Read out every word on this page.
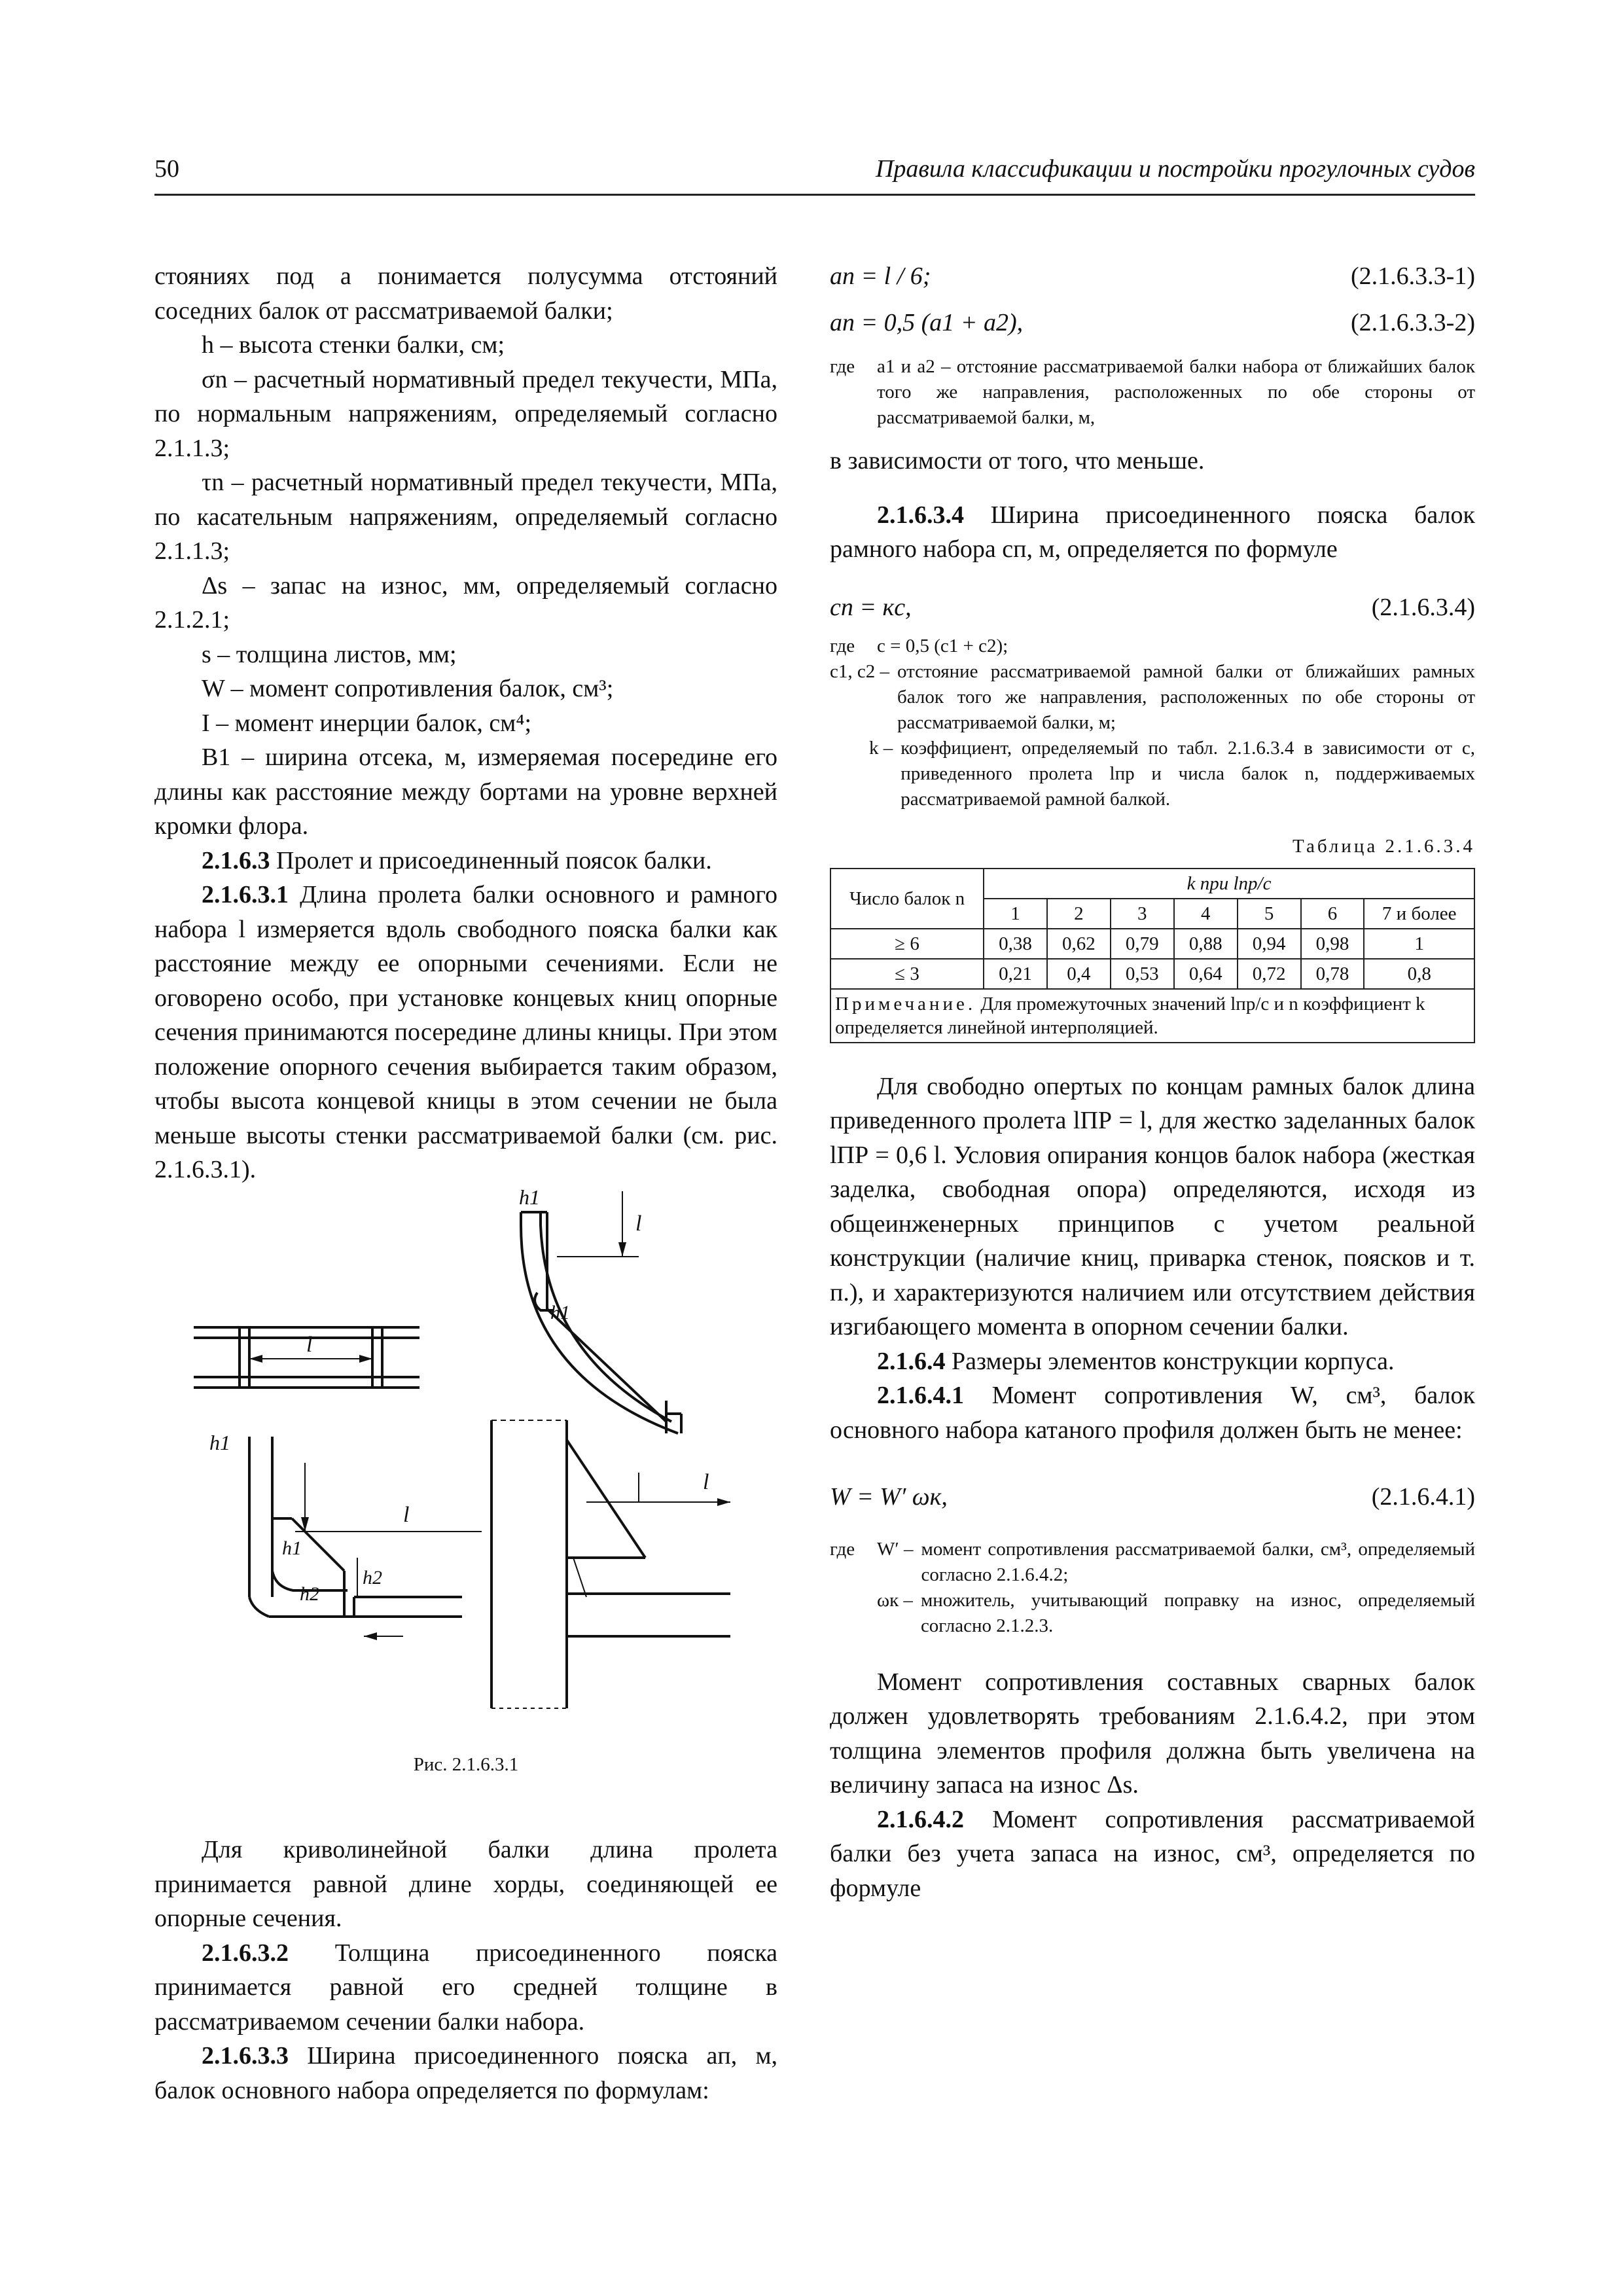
50	Правила классификации и постройки прогулочных судов

стояниях под a понимается полусумма отстояний соседних балок от рассматриваемой балки;

h – высота стенки балки, см;

σn – расчетный нормативный предел текучести, МПа, по нормальным напряжениям, определяемый согласно 2.1.1.3;

τn – расчетный нормативный предел текучести, МПа, по касательным напряжениям, определяемый согласно 2.1.1.3;

Δs – запас на износ, мм, определяемый согласно 2.1.2.1;

s – толщина листов, мм;

W – момент сопротивления балок, см³;

I – момент инерции балок, см⁴;

B1 – ширина отсека, м, измеряемая посередине его длины как расстояние между бортами на уровне верхней кромки флора.

2.1.6.3 Пролет и присоединенный поясок балки.

2.1.6.3.1 Длина пролета балки основного и рамного набора l измеряется вдоль свободного пояска балки как расстояние между ее опорными сечениями. Если не оговорено особо, при установке концевых книц опорные сечения принимаются посередине длины кницы. При этом положение опорного сечения выбирается таким образом, чтобы высота концевой кницы в этом сечении не была меньше высоты стенки рассматриваемой балки (см. рис. 2.1.6.3.1).

l
h1
h1
l
h1
h1
h2
h2
l
l
Рис. 2.1.6.3.1

Для криволинейной балки длина пролета принимается равной длине хорды, соединяющей ее опорные сечения.

2.1.6.3.2 Толщина присоединенного пояска принимается равной его средней толщине в рассматриваемом сечении балки набора.

2.1.6.3.3 Ширина присоединенного пояска aп, м, балок основного набора определяется по формулам:

aп = l / 6;	(2.1.6.3.3-1)
aп = 0,5 (a1 + a2),	(2.1.6.3.3-2)
где	a1 и a2 – отстояние рассматриваемой балки набора от ближайших балок того же направления, расположенных по обе стороны от рассматриваемой балки, м,

в зависимости от того, что меньше.

2.1.6.3.4 Ширина присоединенного пояска балок рамного набора cп, м, определяется по формуле

cп = кc,	(2.1.6.3.4)
где	c = 0,5 (c1 + c2);
c1, c2 – отстояние рассматриваемой рамной балки от ближайших рамных балок того же направления, расположенных по обе стороны от рассматриваемой балки, м;
k – коэффициент, определяемый по табл. 2.1.6.3.4 в зависимости от c, приведенного пролета lпр и числа балок n, поддерживаемых рассматриваемой рамной балкой.
Таблица 2.1.6.3.4
Число балок n	k при lпр/c						
	1	2	3	4	5	6	7 и более
≥ 6	0,38	0,62	0,79	0,88	0,94	0,98	1
≤ 3	0,21	0,4	0,53	0,64	0,72	0,78	0,8
Примечание. Для промежуточных значений lпр/c и n коэффициент k определяется линейной интерполяцией.							

Для свободно опертых по концам рамных балок длина приведенного пролета lПР = l, для жестко заделанных балок lПР = 0,6 l. Условия опирания концов балок набора (жесткая заделка, свободная опора) определяются, исходя из общеинженерных принципов с учетом реальной конструкции (наличие книц, приварка стенок, поясков и т. п.), и характеризуются наличием или отсутствием действия изгибающего момента в опорном сечении балки.

2.1.6.4 Размеры элементов конструкции корпуса.

2.1.6.4.1 Момент сопротивления W, см³, балок основного набора катаного профиля должен быть не менее:

W = W′ ωк,	(2.1.6.4.1)
где	W′ – момент сопротивления рассматриваемой балки, см³, определяемый согласно 2.1.6.4.2;
ωк – множитель, учитывающий поправку на износ, определяемый согласно 2.1.2.3.

Момент сопротивления составных сварных балок должен удовлетворять требованиям 2.1.6.4.2, при этом толщина элементов профиля должна быть увеличена на величину запаса на износ Δs.

2.1.6.4.2 Момент сопротивления рассматриваемой балки без учета запаса на износ, см³, определяется по формуле
